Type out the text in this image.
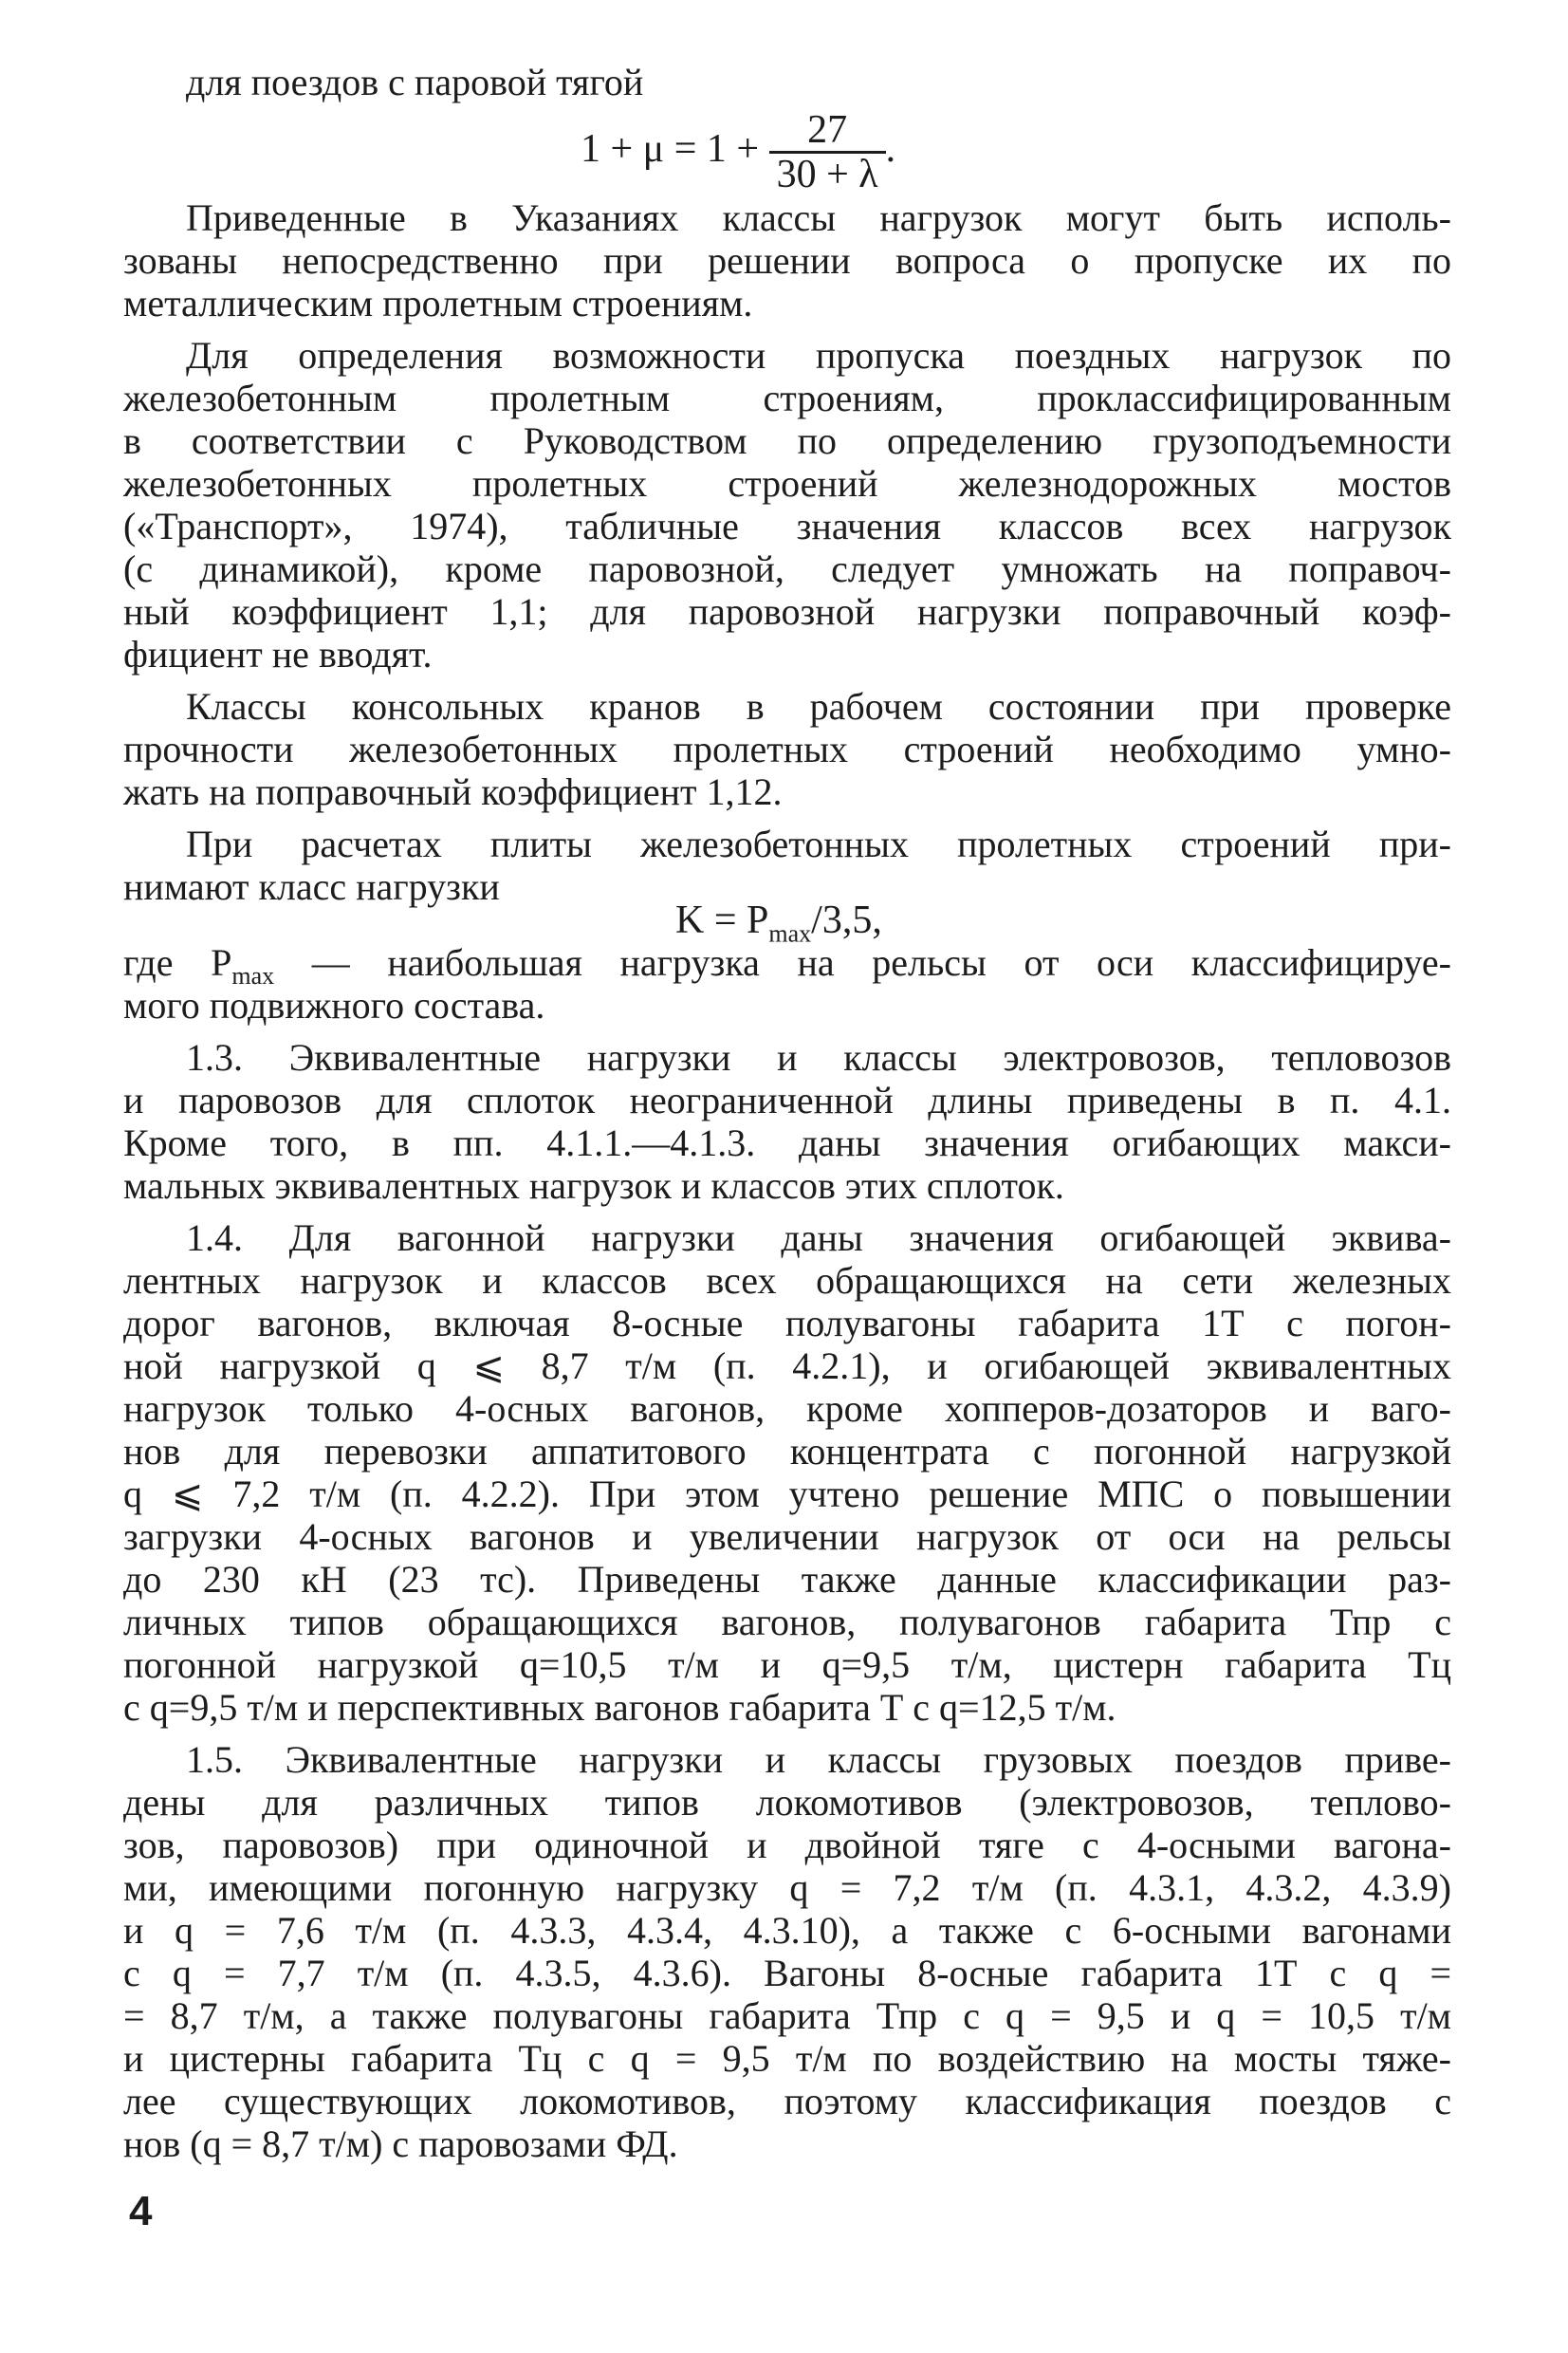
для поездов с паровой тягой
$1 + \mu = 1 + \frac{27}{30 + \lambda}$ .
Приведенные в Указаниях классы нагрузок могут быть исполь-
зованы непосредственно при решении вопроса о пропуске их по
металлическим пролетным строениям.
Для определения возможности пропуска поездных нагрузок по
железобетонным пролетным строениям, проклассифицированным
в соответствии с Руководством по определению грузоподъемности
железобетонных пролетных строений железнодорожных мостов
(«Транспорт», 1974), табличные значения классов всех нагрузок
(с динамикой), кроме паровозной, следует умножать на поправоч-
ный коэффициент 1,1; для паровозной нагрузки поправочный коэф-
фициент не вводят.
Классы консольных кранов в рабочем состоянии при проверке
прочности железобетонных пролетных строений необходимо умно-
жать на поправочный коэффициент 1,12.
При расчетах плиты железобетонных пролетных строений при-
нимают класс нагрузки
$K = P_{max}/3,5$,
где $P_{max}$ — наибольшая нагрузка на рельсы от оси классифицируе-
мого подвижного состава.
1.3. Эквивалентные нагрузки и классы электровозов, тепловозов
и паровозов для сплоток неограниченной длины приведены в п. 4.1.
Кроме того, в пп. 4.1.1.—4.1.3. даны значения огибающих макси-
мальных эквивалентных нагрузок и классов этих сплоток.
1.4. Для вагонной нагрузки даны значения огибающей эквива-
лентных нагрузок и классов всех обращающихся на сети железных
дорог вагонов, включая 8-осные полувагоны габарита 1Т с погон-
ной нагрузкой q ⩽ 8,7 т/м (п. 4.2.1), и огибающей эквивалентных
нагрузок только 4-осных вагонов, кроме хопперов-дозаторов и ваго-
нов для перевозки аппатитового концентрата с погонной нагрузкой
q ⩽ 7,2 т/м (п. 4.2.2). При этом учтено решение МПС о повышении
загрузки 4-осных вагонов и увеличении нагрузок от оси на рельсы
до 230 кН (23 тс). Приведены также данные классификации раз-
личных типов обращающихся вагонов, полувагонов габарита Тпр с
погонной нагрузкой q=10,5 т/м и q=9,5 т/м, цистерн габарита Тц
с q=9,5 т/м и перспективных вагонов габарита Т с q=12,5 т/м.
1.5. Эквивалентные нагрузки и классы грузовых поездов приве-
дены для различных типов локомотивов (электровозов, теплово-
зов, паровозов) при одиночной и двойной тяге с 4-осными вагона-
ми, имеющими погонную нагрузку q = 7,2 т/м (п. 4.3.1, 4.3.2, 4.3.9)
и q = 7,6 т/м (п. 4.3.3, 4.3.4, 4.3.10), а также с 6-осными вагонами
с q = 7,7 т/м (п. 4.3.5, 4.3.6). Вагоны 8-осные габарита 1Т с q =
= 8,7 т/м, а также полувагоны габарита Тпр с q = 9,5 и q = 10,5 т/м
и цистерны габарита Тц с q = 9,5 т/м по воздействию на мосты тяже-
лее существующих локомотивов, поэтому классификация поездов с
4
нов (q = 8,7 т/м) с паровозами ФД.
